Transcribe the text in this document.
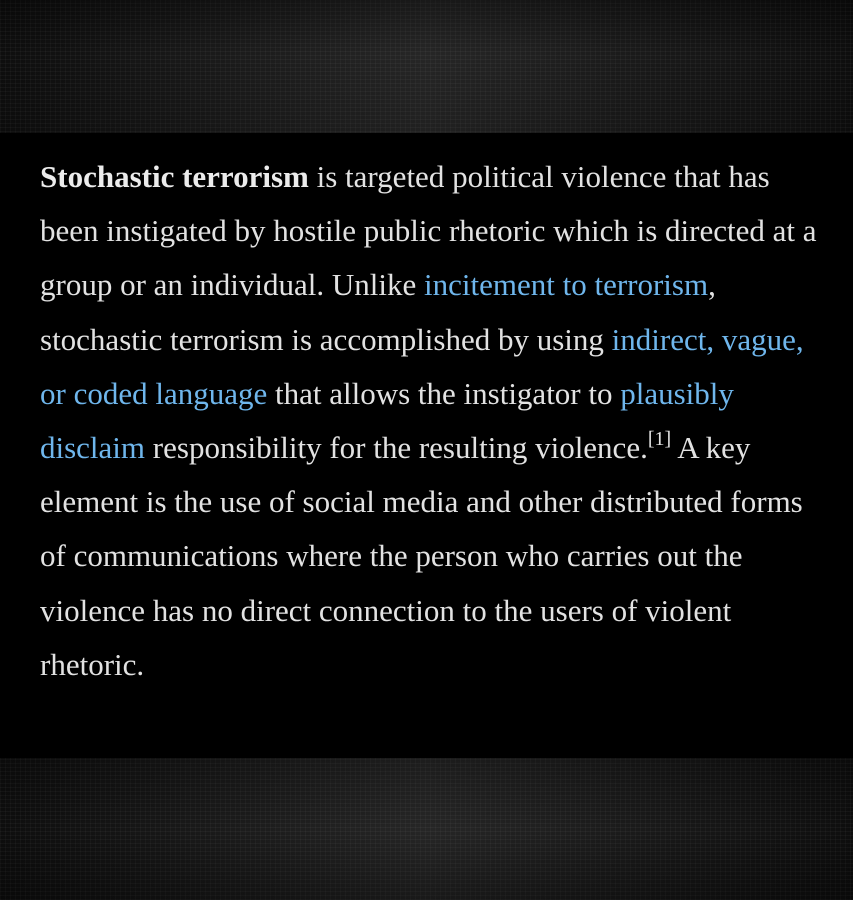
Stochastic terrorism is targeted political violence that has been instigated by hostile public rhetoric which is directed at a group or an individual. Unlike incitement to terrorism, stochastic terrorism is accomplished by using indirect, vague, or coded language that allows the instigator to plausibly disclaim responsibility for the resulting violence.[1] A key element is the use of social media and other distributed forms of communications where the person who carries out the violence has no direct connection to the users of violent rhetoric.
